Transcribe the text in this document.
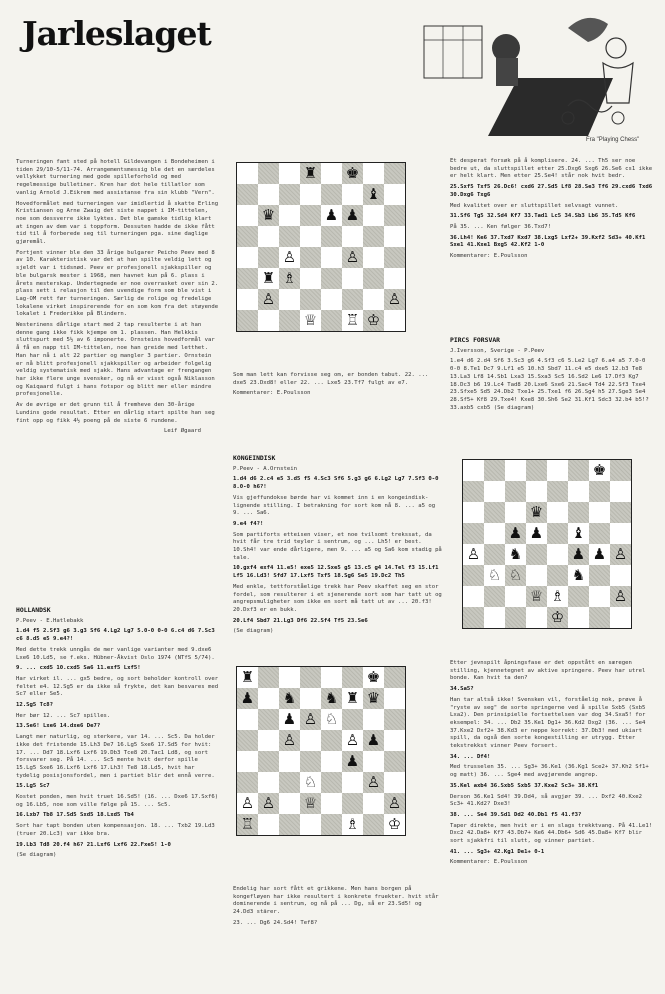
Jarleslaget
Fra "Playing Chess"

Turneringen fant sted på hotell Gildevangen i Bondeheimen i tiden 29/10-5/11-74. Arrangementsmessig ble det en særdeles vellykket turnering med gode spilleforhold og med regelmessige bulletiner. Kren har dot hele tillatlor som vanlig Arnold J.Eikrem med assistanse fra sin klubb "Vern".

Hovedformålet med turneringen var imidlertid å skatte Erling Kristiansen og Arne Zwaig det siste nappet i IM-tittelen, noe som dessverre ikke lyktes. Det ble gamske tidlig klart at ingen av dem var i toppform. Dessuten hadde de ikke fått tid til å forberede seg til turneringen pga. sine daglige gjøremål.

Fortjent vinner ble den 33 årige bulgarer Peicho Peev med 8 av 10. Karakteristisk var det at han spilte veldig lett og sjeldt var i tidsnød. Peev er profesjonell sjakkspiller og ble bulgarsk mester i 1968, men havnet kun på 6. plass i årets mesterskap. Undertegnede er noe overrasket over sin 2. plass sett i relasjon til den uvendige form som ble vist i Lag-OM rett før turneringen. Særlig de rolige og fredelige lokalene virket inspirerende for en som kom fra det støyende lokalet i Frederikke på Blindern.

Westerinens dårlige start med 2 tap resulterte i at han denne gang ikke fikk kjempe om 1. plassen. Han Helkkis sluttspurt med 5½ av 6 imponerte. Ornsteins hovedformål var å få en napp til IM-tittelen, noe han greide med letthet. Han har nå i alt 22 partier og mangler 3 partier. Ornstein er nå blitt profesjonell sjakkspiller og arbeider folgelig veldig systematisk med sjakk. Hans advantage er frengangen har ikke flere unge svensker, og nå er visst også Niklasson og Kaiqaard fulgt i hans fotspor og blitt mer eller mindre profesjonelle.

Av de øvrige er det grunn til å fremheve den 30-årige Lundins gode resultat. Etter en dårlig start spilte han seg fint opp og fikk 4½ poeng på de siste 6 rundene.

Leif Øgaard

HOLLANDSK

P.Peev - E.Hatlebakk

1.d4 f5 2.Sf3 g6 3.g3 Sf6 4.Lg2 Lg7 5.0-0 0-0 6.c4 d6 7.Sc3 c6 8.d5 e5 9.e4?!

Med dette trekk unngås de mer vanlige varianter med 9.dxe6 Lxe6 10.Ld5, se f.eks. Hübner-Åkvist Oslo 1974 (NTfS 5/74).

9. ... cxd5 10.cxd5 Sa6 11.exf5 Lxf5!

Har virket il. ... gx5 bedre, og sort beholder kontroll over feltet e4. 12.Sg5 er da ikke så frykte, det kan besvares med Sc7 eller Se5.

12.Sg5 Tc8?

Her bør 12. ... Sc7 spilles.

13.Se6! Lxe6 14.dxe6 De7?

Langt mer naturlig, og sterkere, var 14. ... Sc5. Da holder ikke det fristende 15.Lh3 De7 16.Lg5 Sxe6 17.Sd5 for hvit: 17. ... Dd7 18.Lxf6 Lxf6 19.Db3 Tce8 20.Tac1 Ld8, og sort forsvarer seg. På 14. ... Sc5 mente hvit derfor spille 15.Lg5 Sxe6 16.Lxf6 Lxf6 17.Lh3! Te8 18.Ld5, hvit har tydelig posisjonsfordel, men i partiet blir det ennå verre.

15.Lg5 Sc7

Kostet ponden, men hvit truet 16.Sd5! (16. ... Dxe6 17.Sxf6) og 16.Lb5, noe som ville følge på 15. ... Sc5.

16.Lxb7 Tb8 17.Sd5 Sxd5 18.Lxd5 Tb4

Sort har tapt bonden uten kompensasjon. 18. ... Txb2 19.Ld3 (truer 20.Lc3) var ikke bra.

19.Lb3 Td8 20.f4 h6? 21.Lxf6 Lxf6 22.Fxe5! 1-0

(Se diagram)

Som man lett kan forvisse seg om, er bonden tabut. 22. ... dxe5 23.Dxd8! eller 22. ... Lxe5 23.Tf7 fulgt av e7.

Kommentarer: E.Poulsson

KONGEINDISK

P.Peev - A.Ornstein

1.d4 d6 2.c4 e5 3.d5 f5 4.Sc3 Sf6 5.g3 g6 6.Lg2 Lg7 7.Sf3 0-0 8.0-0 h6?!

Vis gjeffundokse børde har vi kommet inn i en kongeindisk-lignende stilling. I betrakning for sort kom nå 8. ... a5 og 9. ... Sa6.

9.e4 f4?!

Som partiforts etteisen viser, et noe tvilsomt trekssat, da hvit får tre trid teyler i sentrum, og ... Lh5! er best. 10.Sh4! var ende dårligere, men 9. ... a5 og Sa6 kom stadig på tale.

10.gxf4 exf4 11.e5! exe5 12.Sxe5 g5 13.c5 g4 14.Tel f3 15.Lf1 Lf5 16.Ld3! Sfd7 17.Lxf5 Txf5 18.Sg6 Se5 19.Dc2 Th5

Med enkle, tettforståelige trekk har Peev skaffet seg en stor fordel, som resulterer i et sjenerende sort som har tatt ut og angrepsmuligheter som ikke en sort må tatt ut av ... 20.f3! 20.Dxf3 er en bukk.

20.Lf4 Sbd7 21.Lg3 Df6 22.Sf4 Tf5 23.Se6

(Se diagram)

Endelig har sort fått et grikkene. Men hans borgen på kongefløyen har ikke resultert i konkrete fruekter. hvit står dominerende i sentrum, og nå på ... Dg, så er 23.Sd5! og 24.Dd3 stärer.

23. ... Dg6 24.Sd4! Tef8?

Et desperat forsøk på å komplisere. 24. ... Th5 ser noe bedre ut, da sluttspillet etter 25.Dxg6 Sxg6 26.Se6 cs1 ikke er helt klart. Men etter 25.Se4! står nok hvit bedr.

25.Sxf5 Txf5 26.Dc6! cxd6 27.Sd5 Lf8 28.Se3 Tf6 29.cxd6 Txd6 30.Dxg6 Txg6

Med kvalitet over er sluttspillet selvsagt vunnet.

31.Sf6 Tg5 32.Sd4 Kf7 33.Tad1 Lc5 34.Sb3 Lb6 35.Td5 Kf6

På 35. ... Ken følger 36.Txd7!

36.Lh4! Ke6 37.Txd7 Kxd7 38.Lxg5 Lxf2+ 39.Kxf2 Sd3+ 40.Kf1 Sxe1 41.Kxe1 Bxg5 42.Kf2 1-0

Kommentarer: E.Poulsson

PIRCS FORSVAR

J.Iversson, Sverige - P.Peev

1.e4 d6 2.d4 Sf6 3.Sc3 g6 4.Sf3 c6 5.Le2 Lg7 6.a4 a5 7.0-0 0-0 8.Te1 Dc7 9.Lf1 e5 10.h3 Sbd7 11.c4 e5 dxe5 12.b3 Te8 13.La3 Lf8 14.Sb1 Lxa3 15.Sxa3 Sc5 16.Sd2 Le6 17.Df3 Kg7 18.Dc3 b6 19.Lc4 Tad8 20.Lxe6 Sxe6 21.Sac4 Td4 22.Sf3 Txe4 23.Sfxe5 Sd5 24.Db2 Txe1+ 25.Txe1 f6 26.Sg4 h5 27.Sge3 Se4 28.Sf5+ Kf8 29.Txe4! Kxe8 30.Sh6 Se2 31.Kf1 Sdc3 32.b4 b5!? 33.axb5 cxb5 (Se diagram)

Etter jevnspilt åpningsfase er det oppstått en særegen stilling, kjennetegnet av aktive springere. Peev har utrel bonde. Kan hvit ta den?

34.Sa5?

Han tar altså ikke! Svensken vil, forståelig nok, prøve å "ryste av seg" de sorte springerne ved å spille Sxb5 (Sxb5 Lxa2). Den prinsipielle fortsettelsen var dog 34.Sxa5! for eksempel: 34. ... Db2 35.Ke1 Dg1+ 36.Kd2 Dxg2 (36. ... Se4 37.Kxe2 Dxf2+ 38.Kd3 er neppe korrekt: 37.Db3! med ukiart spill, da også den sorte kongestilling er utrygg. Etter tekstrekkst vinner Peev forsert.

34. ... Df4!

Med trusselen 35. ... Sg3+ 36.Ke1 (36.Kg1 Sce2+ 37.Kh2 Sf1+ og matt) 36. ... Sge4 med avgjørende angrep.

35.Kel axb4 36.Sxb5 Sxb5 37.Kxe2 Sc3+ 38.Kf1

Derson 36.Ke1 Sd4! 39.Dd4, så avgjør 39. ... Dxf2 40.Kxe2 Sc3+ 41.Kd2? Dxe3!

38. ... Se4 39.Sd1 Dd2 40.Db1 f5 41.f3?

Taper direkte, men hvit er i en slags trekktvang. På 41.Le1! Dxc2 42.Da8+ Kf7 43.Db7+ Ke6 44.Db6+ Sd6 45.Da8+ Kf7 blir sort sjakkfri til slutt, og vinner partiet.

41. ... Sg3+ 42.Kg1 De1+ 0-1

Kommentarer: E.Poulsson

♜ ♚
♝
♛	♟ ♟
♙	♙
♜ ♗
♙	♙
♕ ♖ ♔
♜	♚
♟ ♞ ♞ ♜ ♛
♟ ♙ ♘
♙	♙ ♟
♟
♘	♙
♙ ♙ ♕	♙
♖	♗ ♔
♚
♛
♟ ♟ ♝
♙ ♞	♟ ♟ ♙
♘ ♘	♞
♕ ♗	♙
♔
